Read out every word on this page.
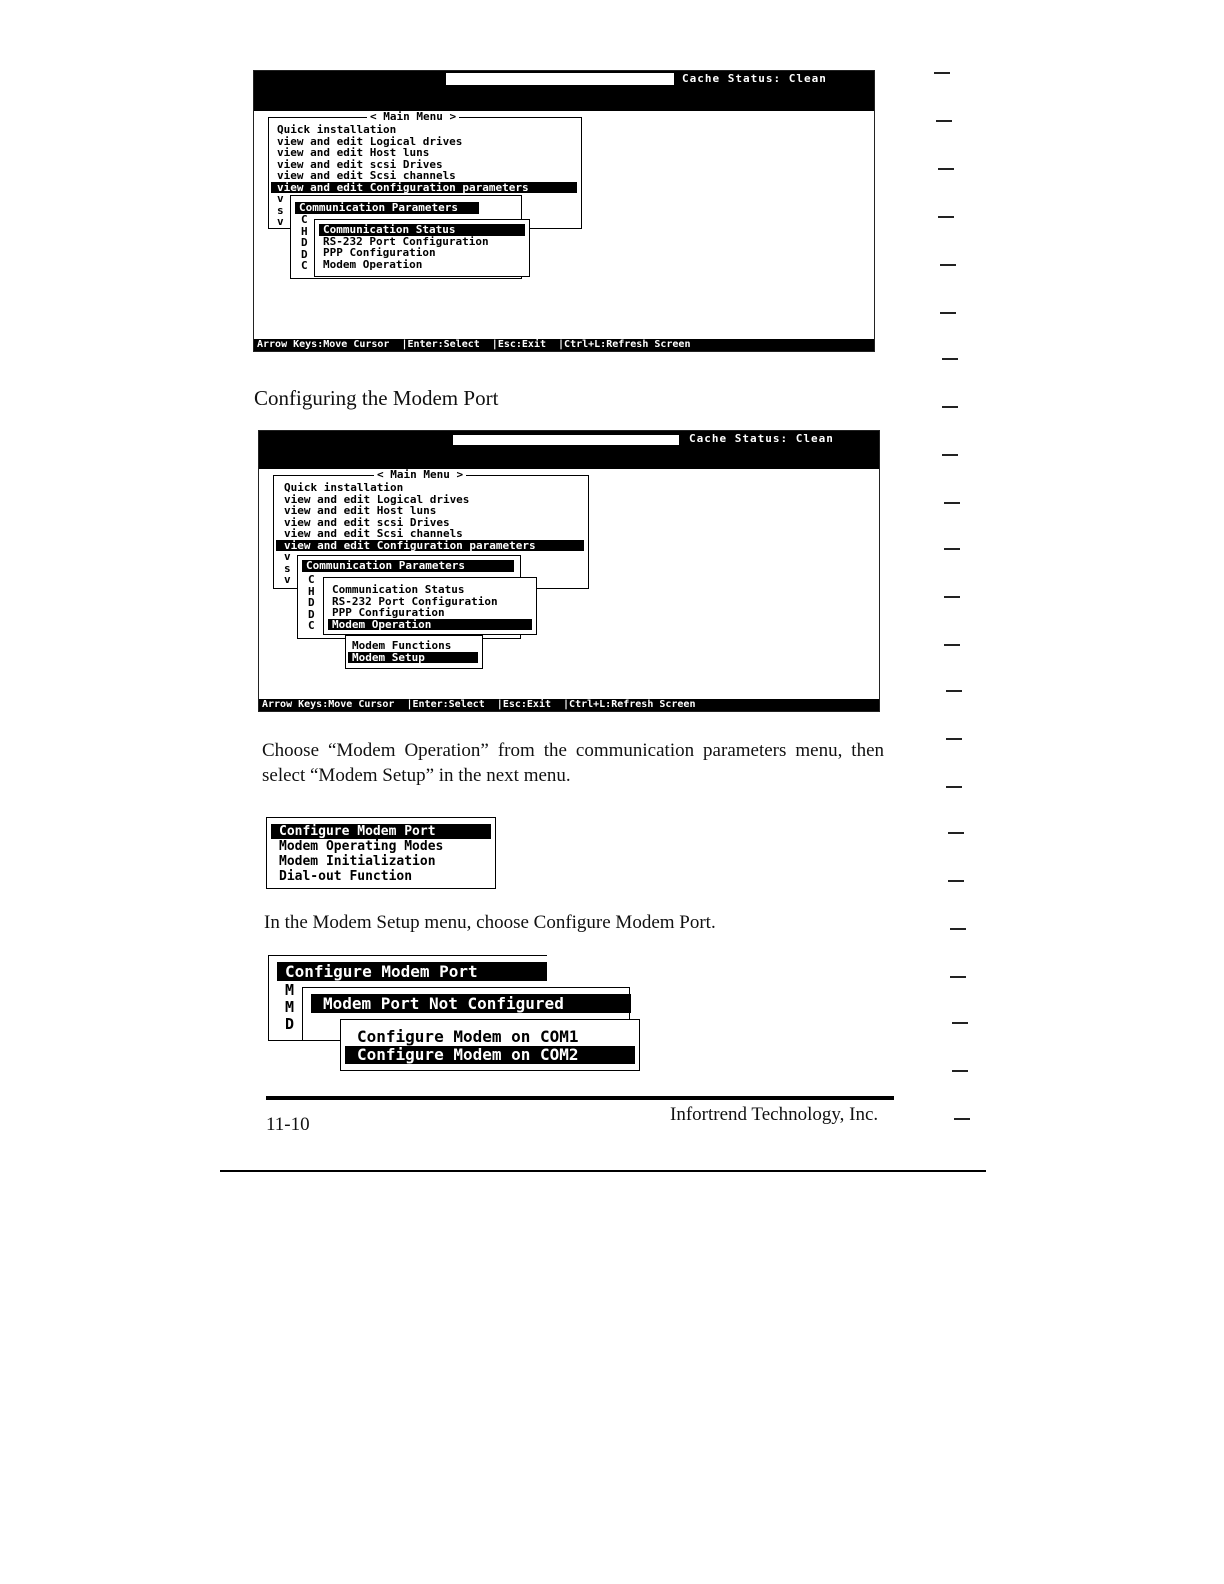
Cache Status: Clean
< Main Menu >
Quick installation
view and edit Logical drives
view and edit Host luns
view and edit scsi Drives
view and edit Scsi channels
view and edit Configuration parameters
v
s
v
Communication Parameters
C
H
D
D
C
Communication Status
RS-232 Port Configuration
PPP Configuration
Modem Operation
Arrow Keys:Move Cursor  |Enter:Select  |Esc:Exit  |Ctrl+L:Refresh Screen
Configuring the Modem Port
Cache Status: Clean
< Main Menu >
Quick installation
view and edit Logical drives
view and edit Host luns
view and edit scsi Drives
view and edit Scsi channels
view and edit Configuration parameters
v
s
v
Communication Parameters
C
H
D
D
C
Communication Status
RS-232 Port Configuration
PPP Configuration
Modem Operation
Modem Functions
Modem Setup
Arrow Keys:Move Cursor  |Enter:Select  |Esc:Exit  |Ctrl+L:Refresh Screen
Choose “Modem Operation” from the communication parameters menu, then select “Modem Setup” in the next menu.
Configure Modem Port
Modem Operating Modes
Modem Initialization
Dial-out Function
In the Modem Setup menu, choose Configure Modem Port.
Configure Modem Port
M
M
D
Modem Port Not Configured
Configure Modem on COM1
Configure Modem on COM2
11-10	Infortrend Technology, Inc.
